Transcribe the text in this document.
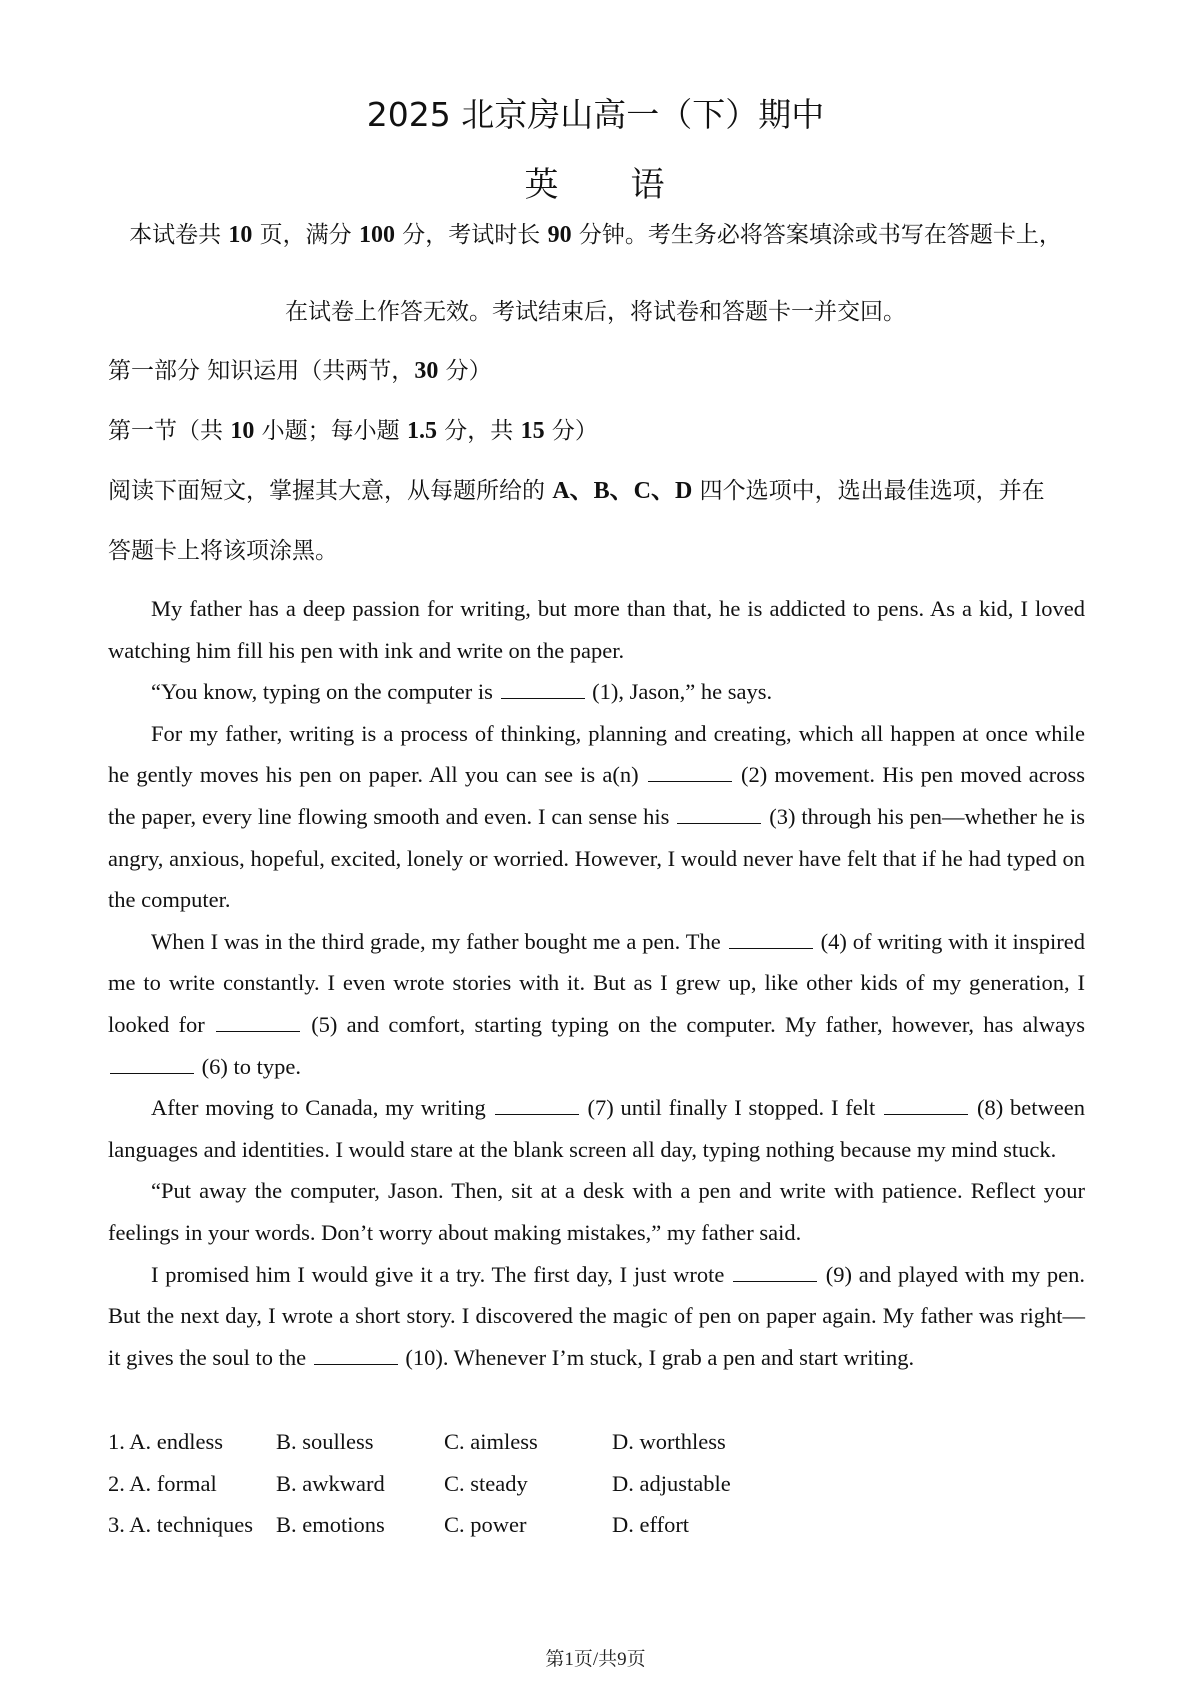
2025 北京房山高一（下）期中
英 语
本试卷共 10 页，满分 100 分，考试时长 90 分钟。考生务必将答案填涂或书写在答题卡上，
在试卷上作答无效。考试结束后，将试卷和答题卡一并交回。
第一部分 知识运用（共两节，30 分）
第一节（共 10 小题；每小题 1.5 分，共 15 分）
阅读下面短文，掌握其大意，从每题所给的 A、B、C、D 四个选项中，选出最佳选项，并在
答题卡上将该项涂黑。

My father has a deep passion for writing, but more than that, he is addicted to pens. As a kid, I loved watching him fill his pen with ink and write on the paper.

“You know, typing on the computer is	(1), Jason,” he says.

For my father, writing is a process of thinking, planning and creating, which all happen at once while he gently moves his pen on paper. All you can see is a(n)	(2) movement. His pen moved across the paper, every line flowing smooth and even. I can sense his	(3) through his pen—whether he is angry, anxious, hopeful, excited, lonely or worried. However, I would never have felt that if he had typed on the computer.

When I was in the third grade, my father bought me a pen. The	(4) of writing with it inspired me to write constantly. I even wrote stories with it. But as I grew up, like other kids of my generation, I looked for	(5) and comfort, starting typing on the computer. My father, however, has always  (6) to type.

After moving to Canada, my writing	(7) until finally I stopped. I felt	(8) between languages and identities. I would stare at the blank screen all day, typing nothing because my mind stuck.

“Put away the computer, Jason. Then, sit at a desk with a pen and write with patience. Reflect your feelings in your words. Don’t worry about making mistakes,” my father said.

I promised him I would give it a try. The first day, I just wrote	(9) and played with my pen. But the next day, I wrote a short story. I discovered the magic of pen on paper again. My father was right—it gives the soul to the	(10). Whenever I’m stuck, I grab a pen and start writing.

1. A. endless	B. soulless	C. aimless	D. worthless
2. A. formal	B. awkward	C. steady	D. adjustable
3. A. techniques	B. emotions	C. power	D. effort
第1页/共9页
